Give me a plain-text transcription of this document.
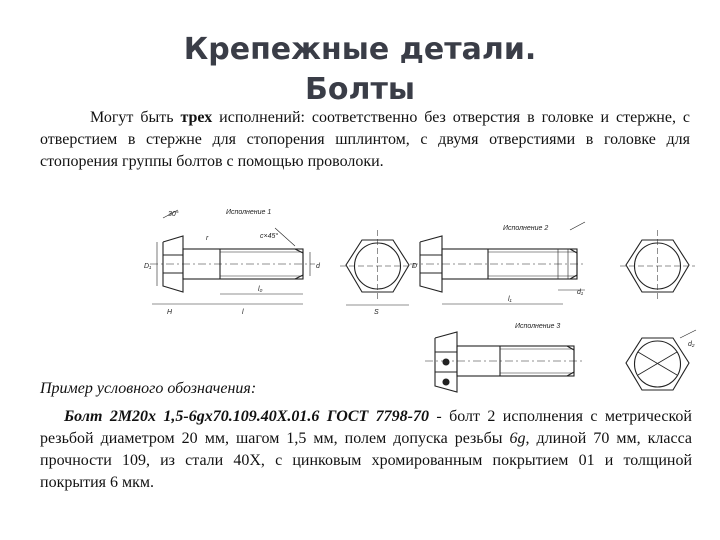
Крепежные детали.
Болты

Могут быть трех исполнений: соответственно без отверстия в головке и стержне, с отверстием в стержне для стопорения шплинтом, с двумя отверстиями в головке для стопорения группы болтов с помощью проволоки.

Исполнение 1
Исполнение 2
Исполнение 3
30°
c×45°
r
D₁	d	D
H	l
l₀
S
l₁
d₁
d₂
Пример условного обозначения:

Болт 2М20х 1,5-6gх70.109.40Х.01.6 ГОСТ 7798-70 - болт 2 исполнения с метрической резьбой диаметром 20 мм, шагом 1,5 мм, полем допуска резьбы 6g, длиной 70 мм, класса прочности 109, из стали 40Х, с цинковым хромированным покрытием 01 и толщиной покрытия 6 мкм.
